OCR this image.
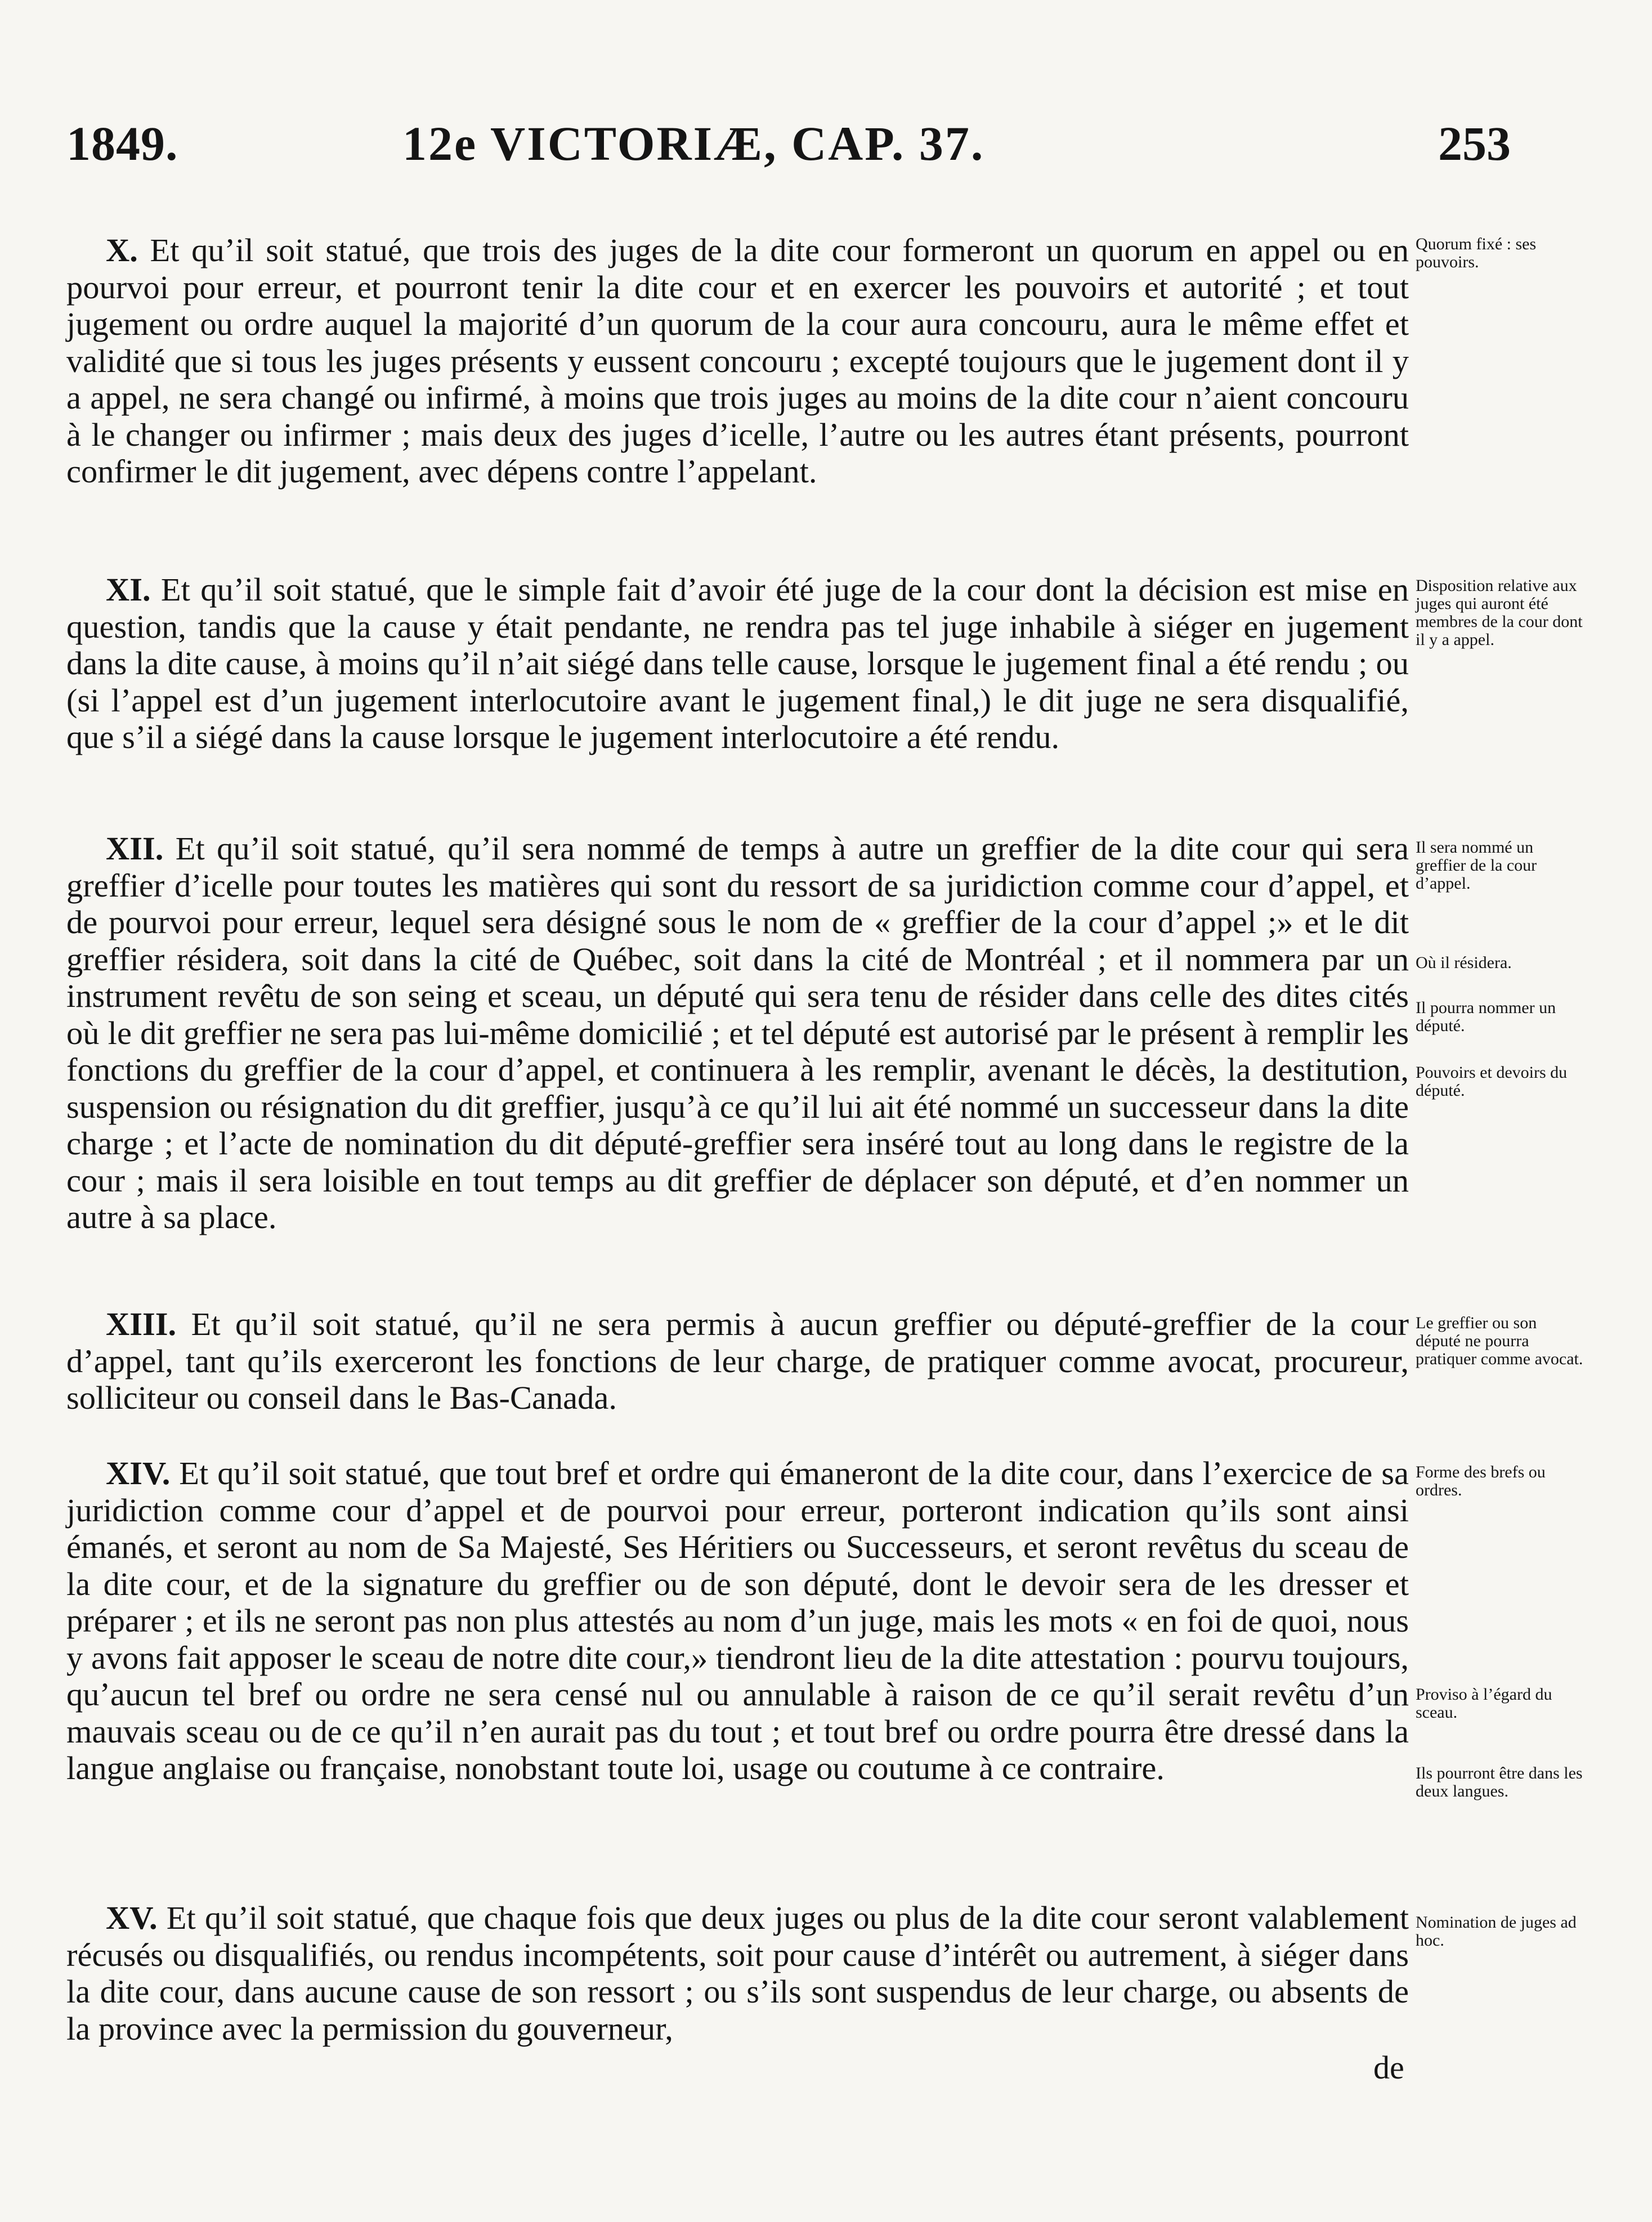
1849.	12e VICTORIÆ, CAP. 37.	253

X. Et qu’il soit statué, que trois des juges de la dite cour formeront un quorum en appel ou en pourvoi pour erreur, et pourront tenir la dite cour et en exercer les pouvoirs et autorité ; et tout jugement ou ordre auquel la majorité d’un quorum de la cour aura concouru, aura le même effet et validité que si tous les juges présents y eussent concouru ; excepté toujours que le jugement dont il y a appel, ne sera changé ou infirmé, à moins que trois juges au moins de la dite cour n’aient concouru à le changer ou infirmer ; mais deux des juges d’icelle, l’autre ou les autres étant présents, pourront confirmer le dit jugement, avec dépens contre l’appelant.

XI. Et qu’il soit statué, que le simple fait d’avoir été juge de la cour dont la décision est mise en question, tandis que la cause y était pendante, ne rendra pas tel juge inhabile à siéger en jugement dans la dite cause, à moins qu’il n’ait siégé dans telle cause, lorsque le jugement final a été rendu ; ou (si l’appel est d’un jugement interlocutoire avant le jugement final,) le dit juge ne sera disqualifié, que s’il a siégé dans la cause lorsque le jugement interlocutoire a été rendu.

XII. Et qu’il soit statué, qu’il sera nommé de temps à autre un greffier de la dite cour qui sera greffier d’icelle pour toutes les matières qui sont du ressort de sa juridiction comme cour d’appel, et de pourvoi pour erreur, lequel sera désigné sous le nom de « greffier de la cour d’appel ;» et le dit greffier résidera, soit dans la cité de Québec, soit dans la cité de Montréal ; et il nommera par un instrument revêtu de son seing et sceau, un député qui sera tenu de résider dans celle des dites cités où le dit greffier ne sera pas lui-même domicilié ; et tel député est autorisé par le présent à remplir les fonctions du greffier de la cour d’appel, et continuera à les remplir, avenant le décès, la destitution, suspension ou résignation du dit greffier, jusqu’à ce qu’il lui ait été nommé un successeur dans la dite charge ; et l’acte de nomination du dit député-greffier sera inséré tout au long dans le registre de la cour ; mais il sera loisible en tout temps au dit greffier de déplacer son député, et d’en nommer un autre à sa place.

XIII. Et qu’il soit statué, qu’il ne sera permis à aucun greffier ou député-greffier de la cour d’appel, tant qu’ils exerceront les fonctions de leur charge, de pratiquer comme avocat, procureur, solliciteur ou conseil dans le Bas-Canada.

XIV. Et qu’il soit statué, que tout bref et ordre qui émaneront de la dite cour, dans l’exercice de sa juridiction comme cour d’appel et de pourvoi pour erreur, porteront indication qu’ils sont ainsi émanés, et seront au nom de Sa Majesté, Ses Héritiers ou Successeurs, et seront revêtus du sceau de la dite cour, et de la signature du greffier ou de son député, dont le devoir sera de les dresser et préparer ; et ils ne seront pas non plus attestés au nom d’un juge, mais les mots « en foi de quoi, nous y avons fait apposer le sceau de notre dite cour,» tiendront lieu de la dite attestation : pourvu toujours, qu’aucun tel bref ou ordre ne sera censé nul ou annulable à raison de ce qu’il serait revêtu d’un mauvais sceau ou de ce qu’il n’en aurait pas du tout ; et tout bref ou ordre pourra être dressé dans la langue anglaise ou française, nonobstant toute loi, usage ou coutume à ce contraire.

XV. Et qu’il soit statué, que chaque fois que deux juges ou plus de la dite cour seront valablement récusés ou disqualifiés, ou rendus incompétents, soit pour cause d’intérêt ou autrement, à siéger dans la dite cour, dans aucune cause de son ressort ; ou s’ils sont suspendus de leur charge, ou absents de la province avec la permission du gouverneur,

de
Quorum fixé : ses pouvoirs.
Disposition relative aux juges qui auront été membres de la cour dont il y a appel.
Il sera nommé un greffier de la cour d’appel.
Où il résidera.
Il pourra nommer un député.
Pouvoirs et devoirs du député.
Le greffier ou son député ne pourra pratiquer comme avocat.
Forme des brefs ou ordres.
Proviso à l’égard du sceau.
Ils pourront être dans les deux langues.
Nomination de juges ad hoc.
